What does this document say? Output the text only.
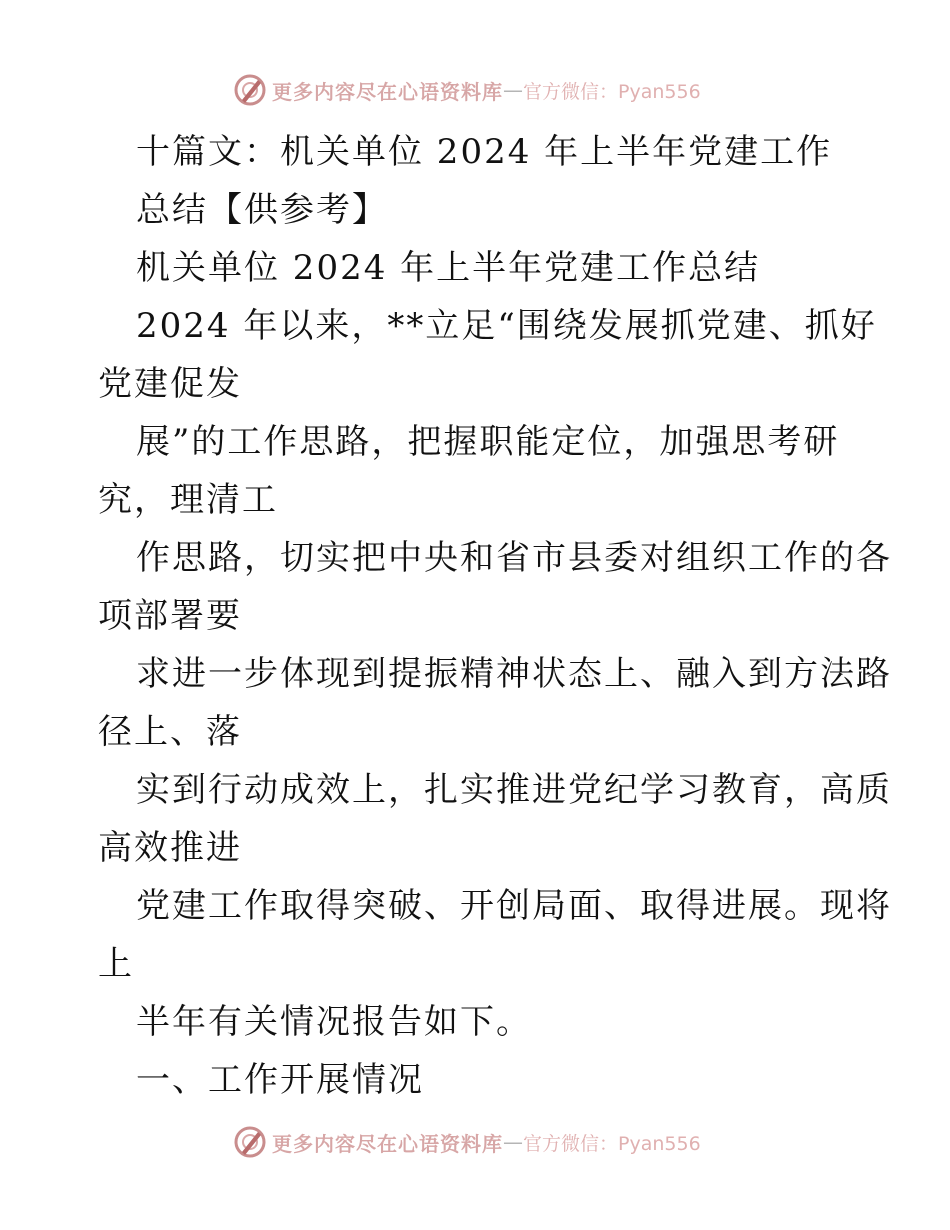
更多内容尽在心语资料库 — 官方微信：Pyan556

十篇文：机关单位 2024 年上半年党建工作

总结【供参考】

机关单位 2024 年上半年党建工作总结

2024 年以来，**立足“围绕发展抓党建、抓好

党建促发

展”的工作思路，把握职能定位，加强思考研

究，理清工

作思路，切实把中央和省市县委对组织工作的各

项部署要

求进一步体现到提振精神状态上、融入到方法路

径上、落

实到行动成效上，扎实推进党纪学习教育，高质

高效推进

党建工作取得突破、开创局面、取得进展。现将

上

半年有关情况报告如下。

一、工作开展情况

更多内容尽在心语资料库 — 官方微信：Pyan556
